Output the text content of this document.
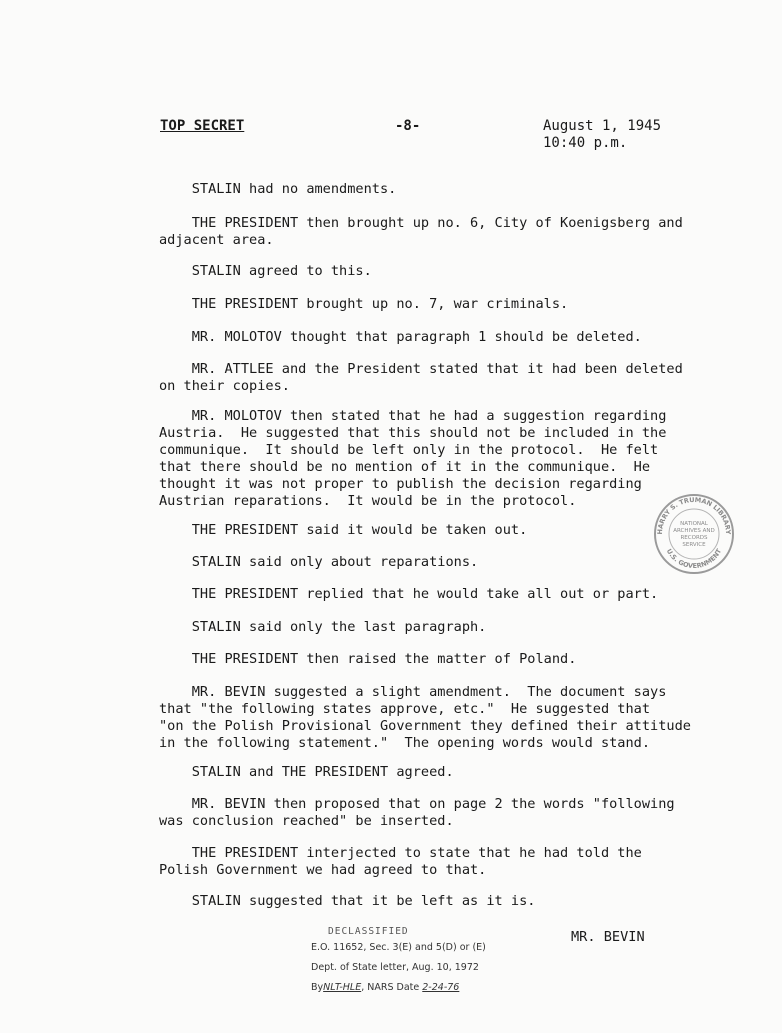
TOP SECRET	-8-	August 1, 1945
10:40 p.m.
STALIN had no amendments.
THE PRESIDENT then brought up no. 6, City of Koenigsberg and
adjacent area.
STALIN agreed to this.
THE PRESIDENT brought up no. 7, war criminals.
MR. MOLOTOV thought that paragraph 1 should be deleted.
MR. ATTLEE and the President stated that it had been deleted
on their copies.
MR. MOLOTOV then stated that he had a suggestion regarding
Austria.  He suggested that this should not be included in the
communique.  It should be left only in the protocol.  He felt
that there should be no mention of it in the communique.  He
thought it was not proper to publish the decision regarding
Austrian reparations.  It would be in the protocol.
THE PRESIDENT said it would be taken out.
STALIN said only about reparations.
THE PRESIDENT replied that he would take all out or part.
STALIN said only the last paragraph.
THE PRESIDENT then raised the matter of Poland.
MR. BEVIN suggested a slight amendment.  The document says
that "the following states approve, etc."  He suggested that
"on the Polish Provisional Government they defined their attitude
in the following statement."  The opening words would stand.
STALIN and THE PRESIDENT agreed.
MR. BEVIN then proposed that on page 2 the words "following
was conclusion reached" be inserted.
THE PRESIDENT interjected to state that he had told the
Polish Government we had agreed to that.
STALIN suggested that it be left as it is.
HARRY S. TRUMAN LIBRARY
U.S. GOVERNMENT
NATIONAL
ARCHIVES AND
RECORDS
SERVICE
DECLASSIFIED
E.O. 11652, Sec. 3(E) and 5(D) or (E)
Dept. of State letter, Aug. 10, 1972
ByNLT-HLE, NARS Date 2-24-76
MR. BEVIN
